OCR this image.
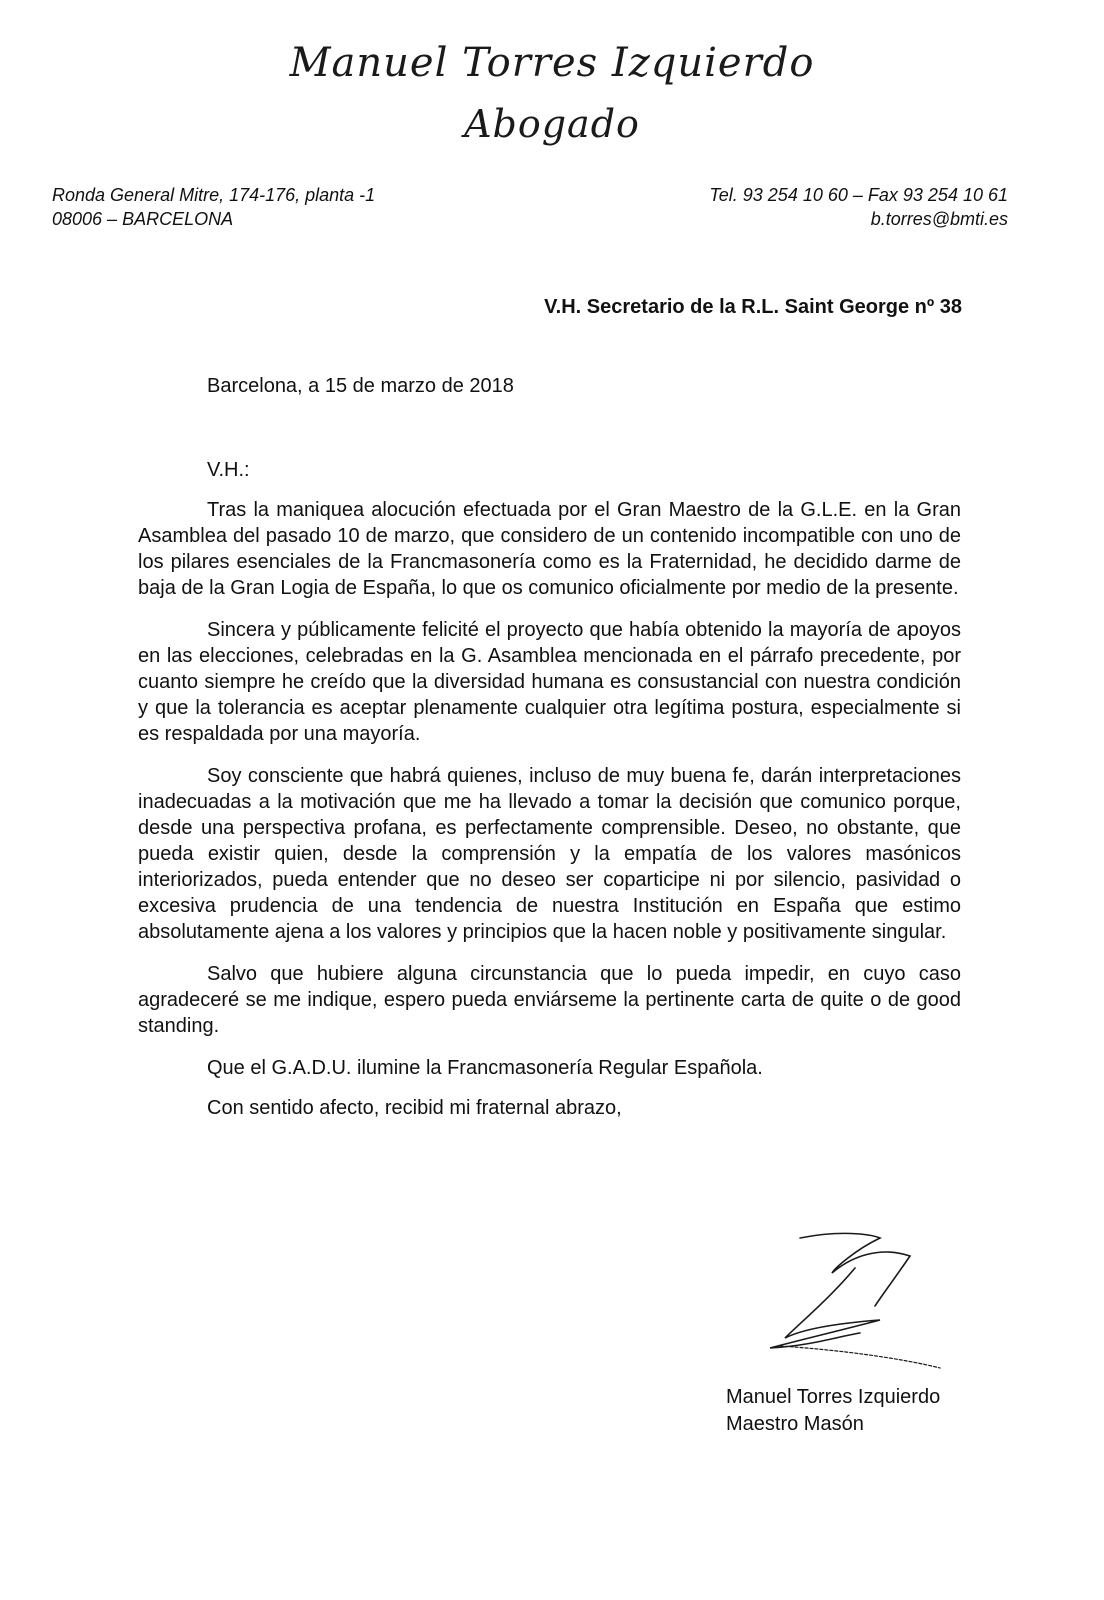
Manuel Torres Izquierdo
Abogado
Ronda General Mitre, 174-176, planta -1
08006 – BARCELONA
Tel. 93 254 10 60 – Fax 93 254 10 61
b.torres@bmti.es
V.H. Secretario de la R.L. Saint George nº 38
Barcelona, a 15 de marzo de 2018
V.H.:

Tras la maniquea alocución efectuada por el Gran Maestro de la G.L.E. en la Gran Asamblea del pasado 10 de marzo, que considero de un contenido incompatible con uno de los pilares esenciales de la Francmasonería como es la Fraternidad, he decidido darme de baja de la Gran Logia de España, lo que os comunico oficialmente por medio de la presente.

Sincera y públicamente felicité el proyecto que había obtenido la mayoría de apoyos en las elecciones, celebradas en la G. Asamblea mencionada en el párrafo precedente, por cuanto siempre he creído que la diversidad humana es consustancial con nuestra condición y que la tolerancia es aceptar plenamente cualquier otra legítima postura, especialmente si es respaldada por una mayoría.

Soy consciente que habrá quienes, incluso de muy buena fe, darán interpretaciones inadecuadas a la motivación que me ha llevado a tomar la decisión que comunico porque, desde una perspectiva profana, es perfectamente comprensible. Deseo, no obstante, que pueda existir quien, desde la comprensión y la empatía de los valores masónicos interiorizados, pueda entender que no deseo ser coparticipe ni por silencio, pasividad o excesiva prudencia de una tendencia de nuestra Institución en España que estimo absolutamente ajena a los valores y principios que la hacen noble y positivamente singular.

Salvo que hubiere alguna circunstancia que lo pueda impedir, en cuyo caso agradeceré se me indique, espero pueda enviárseme la pertinente carta de quite o de good standing.

Que el G.A.D.U. ilumine la Francmasonería Regular Española.

Con sentido afecto, recibid mi fraternal abrazo,

Manuel Torres Izquierdo
Maestro Masón
